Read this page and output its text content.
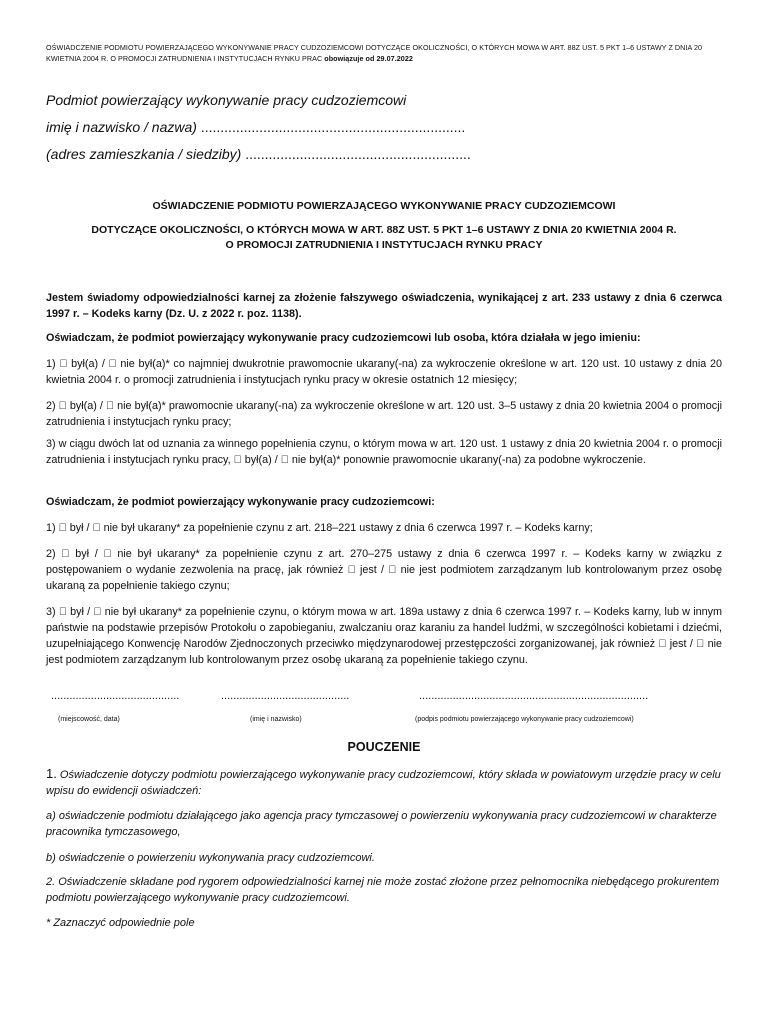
OŚWIADCZENIE PODMIOTU POWIERZAJĄCEGO WYKONYWANIE PRACY CUDZOZIEMCOWI DOTYCZĄCE OKOLICZNOŚCI, O KTÓRYCH MOWA W ART. 88Z UST. 5 PKT 1–6 USTAWY Z DNIA 20 KWIETNIA 2004 R. O PROMOCJI ZATRUDNIENIA I INSTYTUCJACH RYNKU PRAC obowiązuje od 29.07.2022
Podmiot powierzający wykonywanie pracy cudzoziemcowi
imię i nazwisko / nazwa) ....................................................................
(adres zamieszkania / siedziby) ..........................................................
OŚWIADCZENIE PODMIOTU POWIERZAJĄCEGO WYKONYWANIE PRACY CUDZOZIEMCOWI
DOTYCZĄCE OKOLICZNOŚCI, O KTÓRYCH MOWA W ART. 88Z UST. 5 PKT 1–6 USTAWY Z DNIA 20 KWIETNIA 2004 R.
O PROMOCJI ZATRUDNIENIA I INSTYTUCJACH RYNKU PRACY
Jestem świadomy odpowiedzialności karnej za złożenie fałszywego oświadczenia, wynikającej z art. 233 ustawy z dnia 6 czerwca 1997 r. – Kodeks karny (Dz. U. z 2022 r. poz. 1138).
Oświadczam, że podmiot powierzający wykonywanie pracy cudzoziemcowi lub osoba, która działała w jego imieniu:
1) był(a) / nie był(a)* co najmniej dwukrotnie prawomocnie ukarany(-na) za wykroczenie określone w art. 120 ust. 10 ustawy z dnia 20 kwietnia 2004 r. o promocji zatrudnienia i instytucjach rynku pracy w okresie ostatnich 12 miesięcy;
2) był(a) / nie był(a)* prawomocnie ukarany(-na) za wykroczenie określone w art. 120 ust. 3–5 ustawy z dnia 20 kwietnia 2004 o promocji zatrudnienia i instytucjach rynku pracy;
3) w ciągu dwóch lat od uznania za winnego popełnienia czynu, o którym mowa w art. 120 ust. 1 ustawy z dnia 20 kwietnia 2004 r. o promocji zatrudnienia i instytucjach rynku pracy, był(a) / nie był(a)* ponownie prawomocnie ukarany(-na) za podobne wykroczenie.
Oświadczam, że podmiot powierzający wykonywanie pracy cudzoziemcowi:
1) był / nie był ukarany* za popełnienie czynu z art. 218–221 ustawy z dnia 6 czerwca 1997 r. – Kodeks karny;
2) był / nie był ukarany* za popełnienie czynu z art. 270–275 ustawy z dnia 6 czerwca 1997 r. – Kodeks karny w związku z postępowaniem o wydanie zezwolenia na pracę, jak również jest / nie jest podmiotem zarządzanym lub kontrolowanym przez osobę ukaraną za popełnienie takiego czynu;
3) był / nie był ukarany* za popełnienie czynu, o którym mowa w art. 189a ustawy z dnia 6 czerwca 1997 r. – Kodeks karny, lub w innym państwie na podstawie przepisów Protokołu o zapobieganiu, zwalczaniu oraz karaniu za handel ludźmi, w szczególności kobietami i dziećmi, uzupełniającego Konwencję Narodów Zjednoczonych przeciwko międzynarodowej przestępczości zorganizowanej, jak również jest / nie jest podmiotem zarządzanym lub kontrolowanym przez osobę ukaraną za popełnienie takiego czynu.
..........................................	..........................................	...........................................................................
(miejscowość, data)	(imię i nazwisko)	(podpis podmiotu powierzającego wykonywanie pracy cudzoziemcowi)
POUCZENIE
1. Oświadczenie dotyczy podmiotu powierzającego wykonywanie pracy cudzoziemcowi, który składa w powiatowym urzędzie pracy w celu wpisu do ewidencji oświadczeń:
a) oświadczenie podmiotu działającego jako agencja pracy tymczasowej o powierzeniu wykonywania pracy cudzoziemcowi w charakterze pracownika tymczasowego,
b) oświadczenie o powierzeniu wykonywania pracy cudzoziemcowi.
2. Oświadczenie składane pod rygorem odpowiedzialności karnej nie może zostać złożone przez pełnomocnika niebędącego prokurentem podmiotu powierzającego wykonywanie pracy cudzoziemcowi.
* Zaznaczyć odpowiednie pole
